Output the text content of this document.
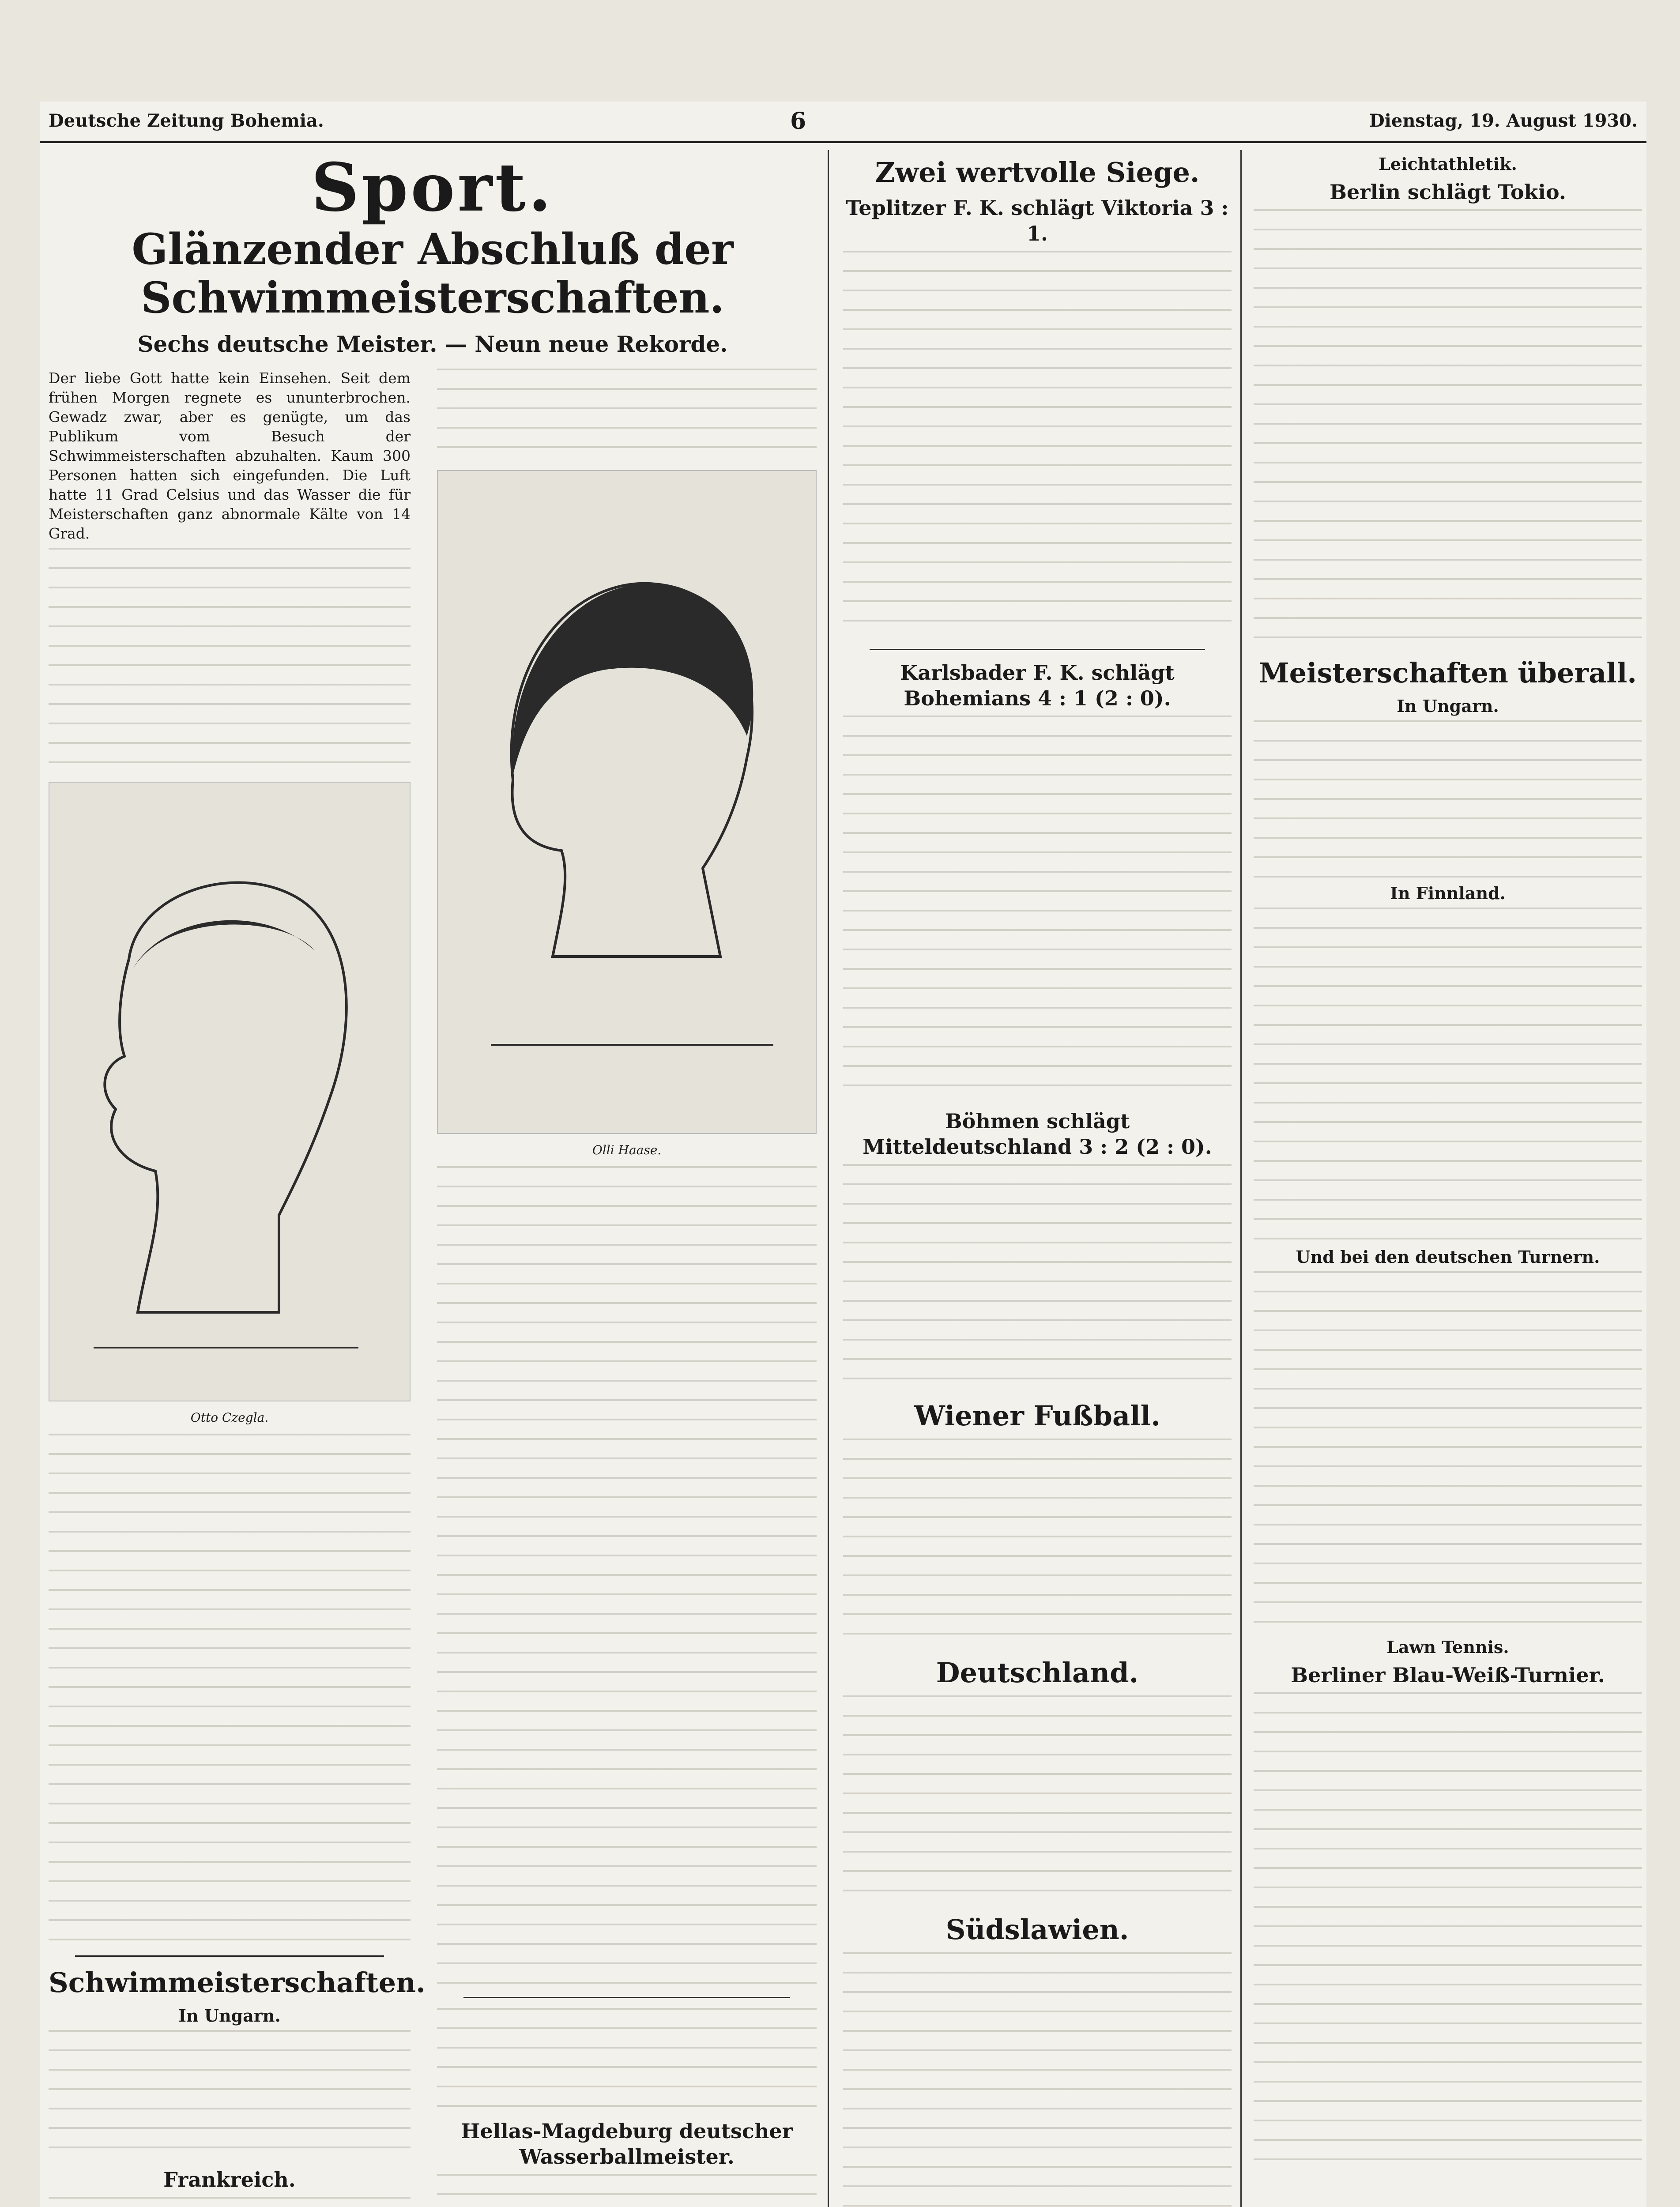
Deutsche Zeitung Bohemia.	6	Dienstag, 19. August 1930.
Sport.
Glänzender Abschluß der Schwimmeisterschaften.
Sechs deutsche Meister. — Neun neue Rekorde.

Der liebe Gott hatte kein Einsehen. Seit dem frühen Morgen regnete es ununterbrochen. Gewadz zwar, aber es genügte, um das Publikum vom Besuch der Schwimmeisterschaften abzuhalten. Kaum 300 Personen hatten sich eingefunden. Die Luft hatte 11 Grad Celsius und das Wasser die für Meisterschaften ganz abnormale Kälte von 14 Grad.

Otto Czegla.
Schwimmeisterschaften.
In Ungarn.
Frankreich.
Olli Haase.
Hellas-Magdeburg deutscher Wasserballmeister.
Zwei wertvolle Siege.
Teplitzer F. K. schlägt Viktoria 3 : 1.
Karlsbader F. K. schlägt Bohemians 4 : 1 (2 : 0).
Böhmen schlägt Mitteldeutschland 3 : 2 (2 : 0).
Wiener Fußball.
Deutschland.
Südslawien.
Leichtathletik.
Berlin schlägt Tokio.
Meisterschaften überall.
In Ungarn.
In Finnland.
Und bei den deutschen Turnern.
Lawn Tennis.
Berliner Blau-Weiß-Turnier.
